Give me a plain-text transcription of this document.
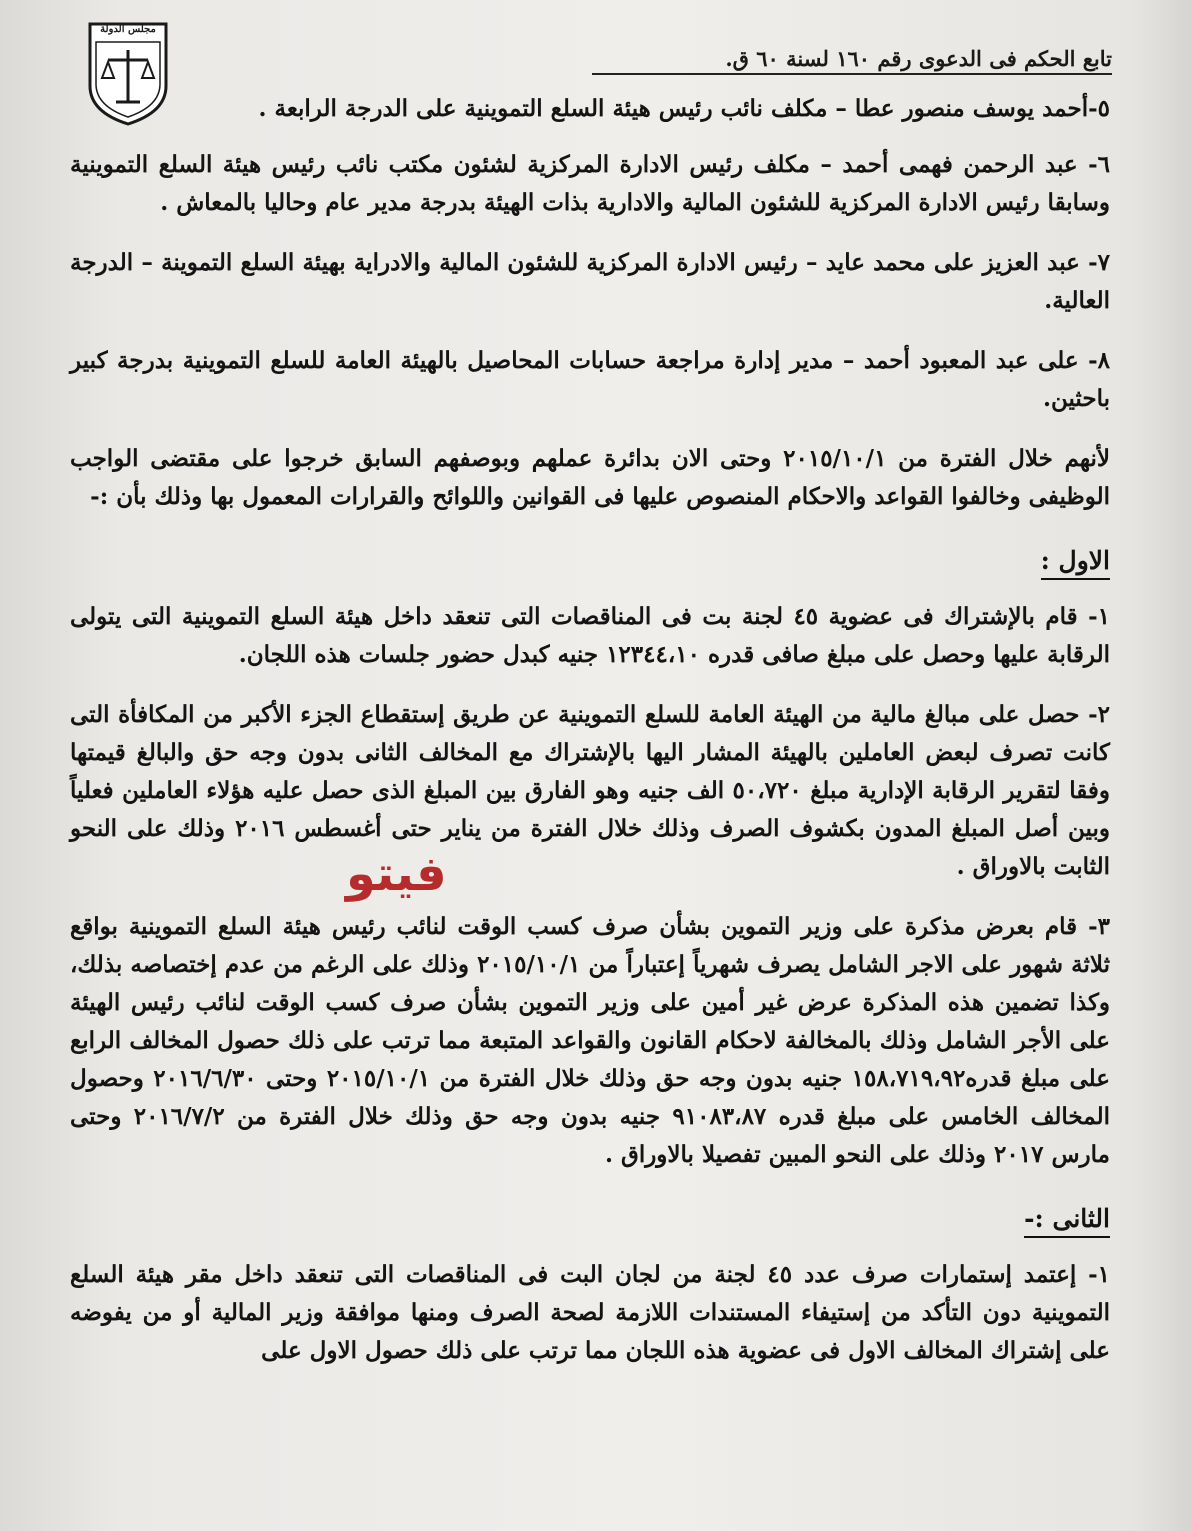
مجلس الدولة
تابع الحكم فى الدعوى رقم ١٦٠ لسنة ٦٠ ق.

٥-أحمد يوسف منصور عطا – مكلف نائب رئيس هيئة السلع التموينية على الدرجة الرابعة .

٦- عبد الرحمن فهمى أحمد – مكلف رئيس الادارة المركزية لشئون مكتب نائب رئيس هيئة السلع التموينية وسابقا رئيس الادارة المركزية للشئون المالية والادارية بذات الهيئة بدرجة مدير عام وحاليا بالمعاش .

٧- عبد العزيز على محمد عايد – رئيس الادارة المركزية للشئون المالية والادراية بهيئة السلع التموينة – الدرجة العالية.

٨- على عبد المعبود أحمد – مدير إدارة مراجعة حسابات المحاصيل بالهيئة العامة للسلع التموينية بدرجة كبير باحثين.

لأنهم خلال الفترة من ٢٠١٥/١٠/١ وحتى الان بدائرة عملهم وبوصفهم السابق خرجوا على مقتضى الواجب الوظيفى وخالفوا القواعد والاحكام المنصوص عليها فى القوانين واللوائح والقرارات المعمول بها وذلك بأن :-

الاول :

١- قام بالإشتراك فى عضوية ٤٥ لجنة بت فى المناقصات التى تنعقد داخل هيئة السلع التموينية التى يتولى الرقابة عليها وحصل على مبلغ صافى قدره ١٢٣٤٤،١٠ جنيه كبدل حضور جلسات هذه اللجان.

٢- حصل على مبالغ مالية من الهيئة العامة للسلع التموينية عن طريق إستقطاع الجزء الأكبر من المكافأة التى كانت تصرف لبعض العاملين بالهيئة المشار اليها بالإشتراك مع المخالف الثانى بدون وجه حق والبالغ قيمتها وفقا لتقرير الرقابة الإدارية مبلغ ٥٠،٧٢٠ الف جنيه وهو الفارق بين المبلغ الذى حصل عليه هؤلاء العاملين فعلياً وبين أصل المبلغ المدون بكشوف الصرف وذلك خلال الفترة من يناير حتى أغسطس ٢٠١٦ وذلك على النحو الثابت بالاوراق .

٣- قام بعرض مذكرة على وزير التموين بشأن صرف كسب الوقت لنائب رئيس هيئة السلع التموينية بواقع ثلاثة شهور على الاجر الشامل يصرف شهرياً إعتباراً من ٢٠١٥/١٠/١ وذلك على الرغم من عدم إختصاصه بذلك، وكذا تضمين هذه المذكرة عرض غير أمين على وزير التموين بشأن صرف كسب الوقت لنائب رئيس الهيئة على الأجر الشامل وذلك بالمخالفة لاحكام القانون والقواعد المتبعة مما ترتب على ذلك حصول المخالف الرابع على مبلغ قدره١٥٨،٧١٩،٩٢ جنيه بدون وجه حق وذلك خلال الفترة من ٢٠١٥/١٠/١ وحتى ٢٠١٦/٦/٣٠ وحصول المخالف الخامس على مبلغ قدره ٩١٠٨٣،٨٧ جنيه بدون وجه حق وذلك خلال الفترة من ٢٠١٦/٧/٢ وحتى مارس ٢٠١٧ وذلك على النحو المبين تفصيلا بالاوراق .

الثانى :-

١- إعتمد إستمارات صرف عدد ٤٥ لجنة من لجان البت فى المناقصات التى تنعقد داخل مقر هيئة السلع التموينية دون التأكد من إستيفاء المستندات اللازمة لصحة الصرف ومنها موافقة وزير المالية أو من يفوضه على إشتراك المخالف الاول فى عضوية هذه اللجان مما ترتب على ذلك حصول الاول على

فيتو
